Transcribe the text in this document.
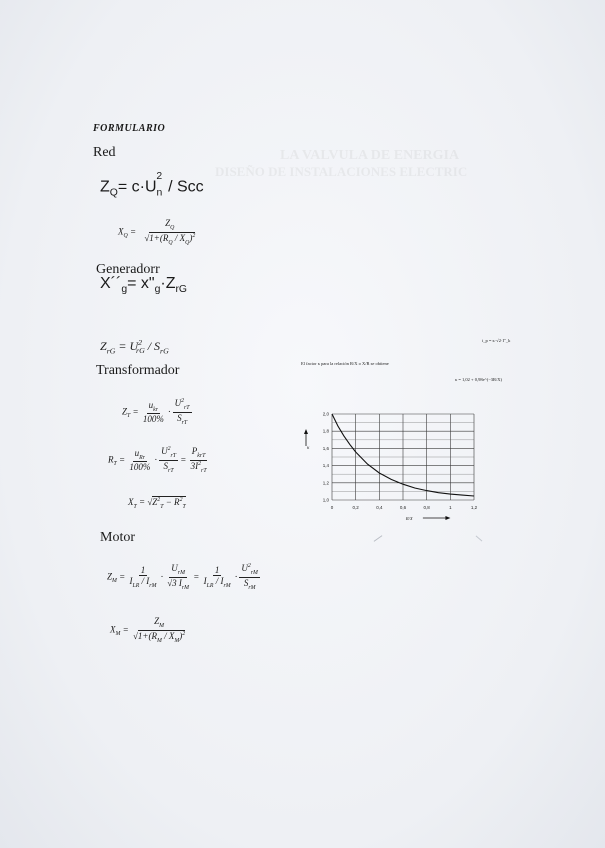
LA VALVULA DE ENERGIA
DISEÑO DE INSTALACIONES ELECTRIC
FORMULARIO
Red
$Z_Q= c\cdot U_n^2/$ Scc
$X_Q = \frac{Z_Q}{√1+(R_Q / X_Q)^2}$
Generadorr
$X´´_g=$ $x"_g\cdot Z_{rG}$
$Z_{rG} = U^2_{rG} / S_{rG}$
Transformador
$Z_T = \frac{u_{kr}}{100\%} \cdot \frac{U^2_{rT}}{S_{rT}}$
$R_T = \frac{u_{Rr}}{100\%} \cdot \frac{U^2_{rT}}{S_{rT}} = \frac{P_{krT}}{3I^2_{rT}}$
$X_T = √Z^2_T - R^2_T$
Motor
$Z_M = \frac{1}{I_{LR} / I_{rM}} \cdot \frac{U_{rM}}{√3 I_{rM}} = \frac{1}{I_{LR} / I_{rM}} \cdot \frac{U^2_{rM}}{S_{rM}}$
$X_M = \frac{Z_M}{√1+(R_M / X_M)^2}$
i_p = κ·√2·I"_k
El factor κ para la relación R/X o X/R se obtiene
κ = 1,02 + 0,98e^(−3R/X)
0	0,2	0,4	0,6	0,8	1	1,2
1,0
1,2
1,4
1,6
1,8
2,0
κ
R/X
